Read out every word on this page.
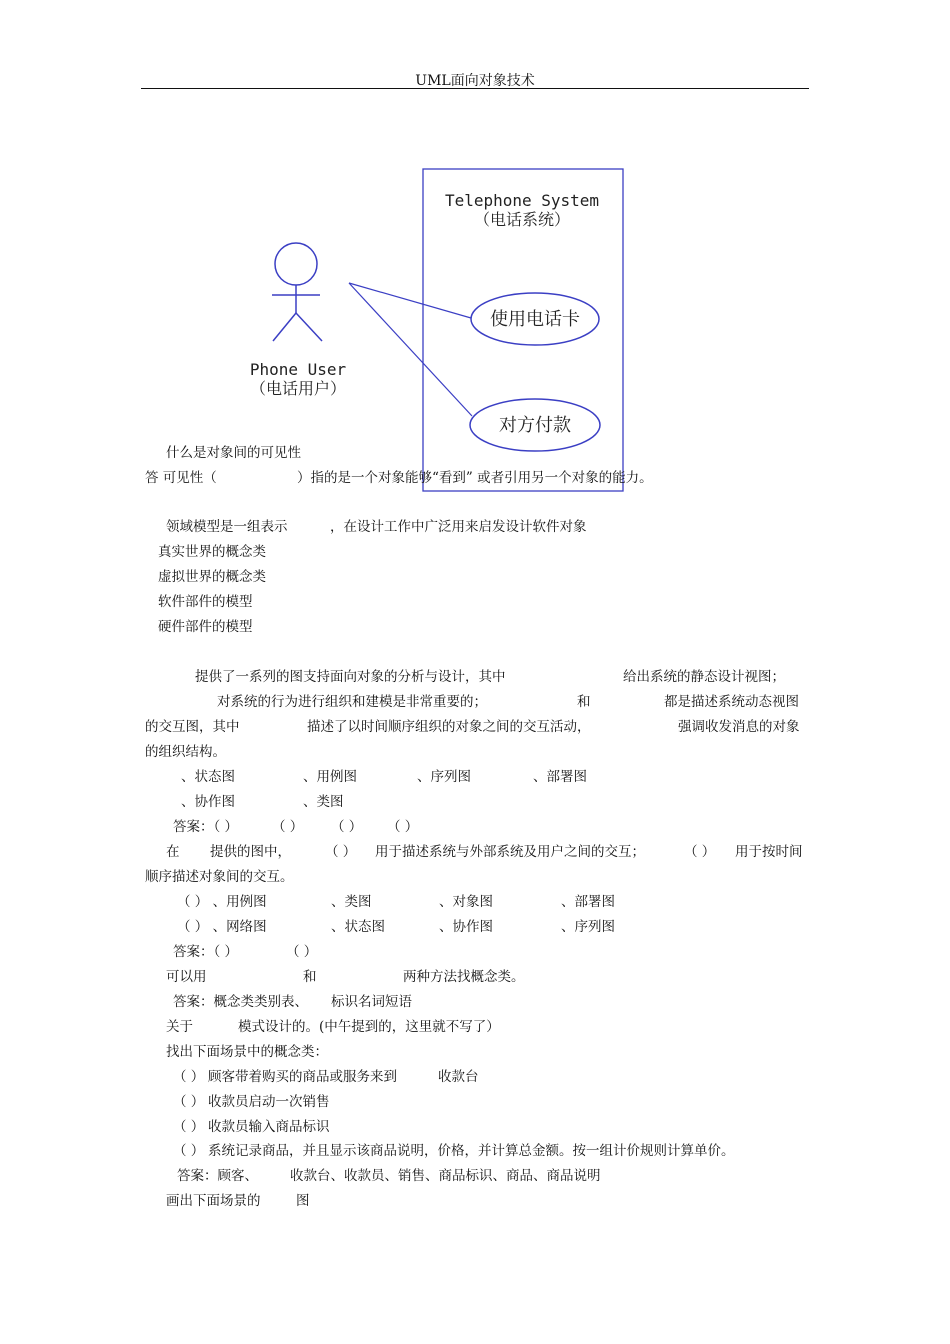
UML面向对象技术
Telephone System
（电话系统）
Phone User
（电话用户）
使用电话卡
对方付款
什么是对象间的可见性
答 可见性（	）指的是一个对象能够“看到” 或者引用另一个对象的能力。
领域模型是一组表示	，在设计工作中广泛用来启发设计软件对象
真实世界的概念类
虚拟世界的概念类
软件部件的模型
硬件部件的模型
提供了一系列的图支持面向对象的分析与设计，其中	给出系统的静态设计视图；
对系统的行为进行组织和建模是非常重要的；	和	都是描述系统动态视图
的交互图，其中	描述了以时间顺序组织的对象之间的交互活动，	强调收发消息的对象
的组织结构。
、状态图	、用例图	、序列图	、部署图
、协作图	、类图
答案：（ ）	（ ） （ ） （ ）
在 提供的图中，	（ ） 用于描述系统与外部系统及用户之间的交互；	（ ） 用于按时间
顺序描述对象间的交互。
（ ） 、用例图	、类图	、对象图	、部署图
（ ） 、网络图	、状态图	、协作图	、序列图
答案：（ ）	（ ）
可以用	和	两种方法找概念类。
答案：概念类类别表、 标识名词短语
关于	模式设计的。(中午提到的，这里就不写了）
找出下面场景中的概念类：
（ ） 顾客带着购买的商品或服务来到	收款台
（ ） 收款员启动一次销售
（ ） 收款员输入商品标识
（ ） 系统记录商品，并且显示该商品说明，价格，并计算总金额。按一组计价规则计算单价。
答案：顾客、 收款台、收款员、销售、商品标识、商品、商品说明
画出下面场景的	图
